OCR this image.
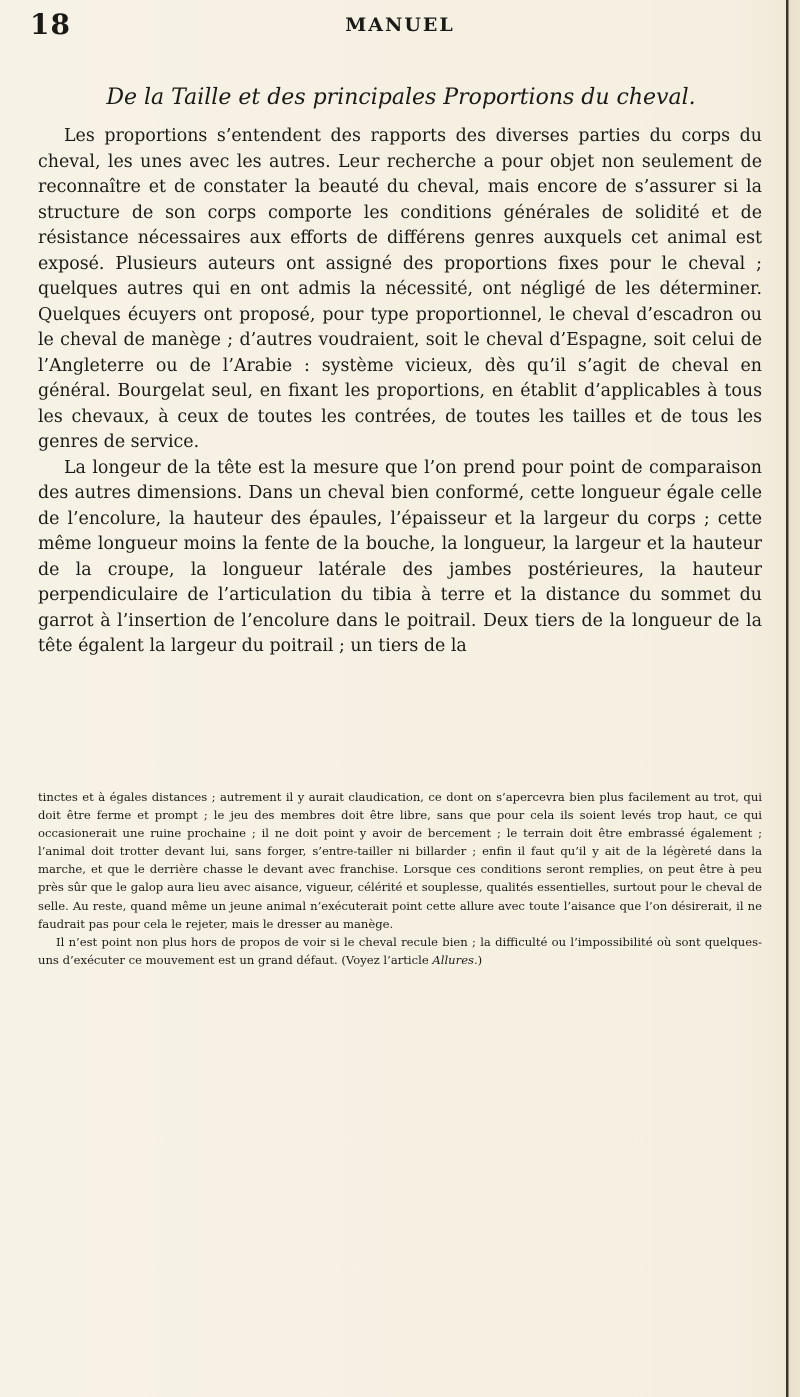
18	MANUEL
De la Taille et des principales Proportions du cheval.

Les proportions s’entendent des rapports des diverses parties du corps du cheval, les unes avec les autres. Leur recherche a pour objet non seulement de reconnaître et de constater la beauté du cheval, mais encore de s’assurer si la structure de son corps comporte les conditions générales de solidité et de résistance nécessaires aux efforts de différens genres auxquels cet animal est exposé. Plusieurs auteurs ont assigné des proportions fixes pour le cheval ; quelques autres qui en ont admis la nécessité, ont négligé de les déterminer. Quelques écuyers ont proposé, pour type proportionnel, le cheval d’escadron ou le cheval de manège ; d’autres voudraient, soit le cheval d’Espagne, soit celui de l’Angleterre ou de l’Arabie : système vicieux, dès qu’il s’agit de cheval en général. Bourgelat seul, en fixant les proportions, en établit d’applicables à tous les chevaux, à ceux de toutes les contrées, de toutes les tailles et de tous les genres de service.

La longeur de la tête est la mesure que l’on prend pour point de comparaison des autres dimensions. Dans un cheval bien conformé, cette longueur égale celle de l’encolure, la hauteur des épaules, l’épaisseur et la largeur du corps ; cette même longueur moins la fente de la bouche, la longueur, la largeur et la hauteur de la croupe, la longueur latérale des jambes postérieures, la hauteur perpendiculaire de l’articulation du tibia à terre et la distance du sommet du garrot à l’insertion de l’encolure dans le poitrail. Deux tiers de la longueur de la tête égalent la largeur du poitrail ; un tiers de la

tinctes et à égales distances ; autrement il y aurait claudication, ce dont on s’apercevra bien plus facilement au trot, qui doit être ferme et prompt ; le jeu des membres doit être libre, sans que pour cela ils soient levés trop haut, ce qui occasionerait une ruine prochaine ; il ne doit point y avoir de bercement ; le terrain doit être embrassé également ; l’animal doit trotter devant lui, sans forger, s’entre-tailler ni billarder ; enfin il faut qu’il y ait de la légèreté dans la marche, et que le derrière chasse le devant avec franchise. Lorsque ces conditions seront remplies, on peut être à peu près sûr que le galop aura lieu avec aisance, vigueur, célérité et souplesse, qualités essentielles, surtout pour le cheval de selle. Au reste, quand même un jeune animal n’exécuterait point cette allure avec toute l’aisance que l’on désirerait, il ne faudrait pas pour cela le rejeter, mais le dresser au manège.

Il n’est point non plus hors de propos de voir si le cheval recule bien ; la difficulté ou l’impossibilité où sont quelques-uns d’exécuter ce mouvement est un grand défaut. (Voyez l’article Allures.)
